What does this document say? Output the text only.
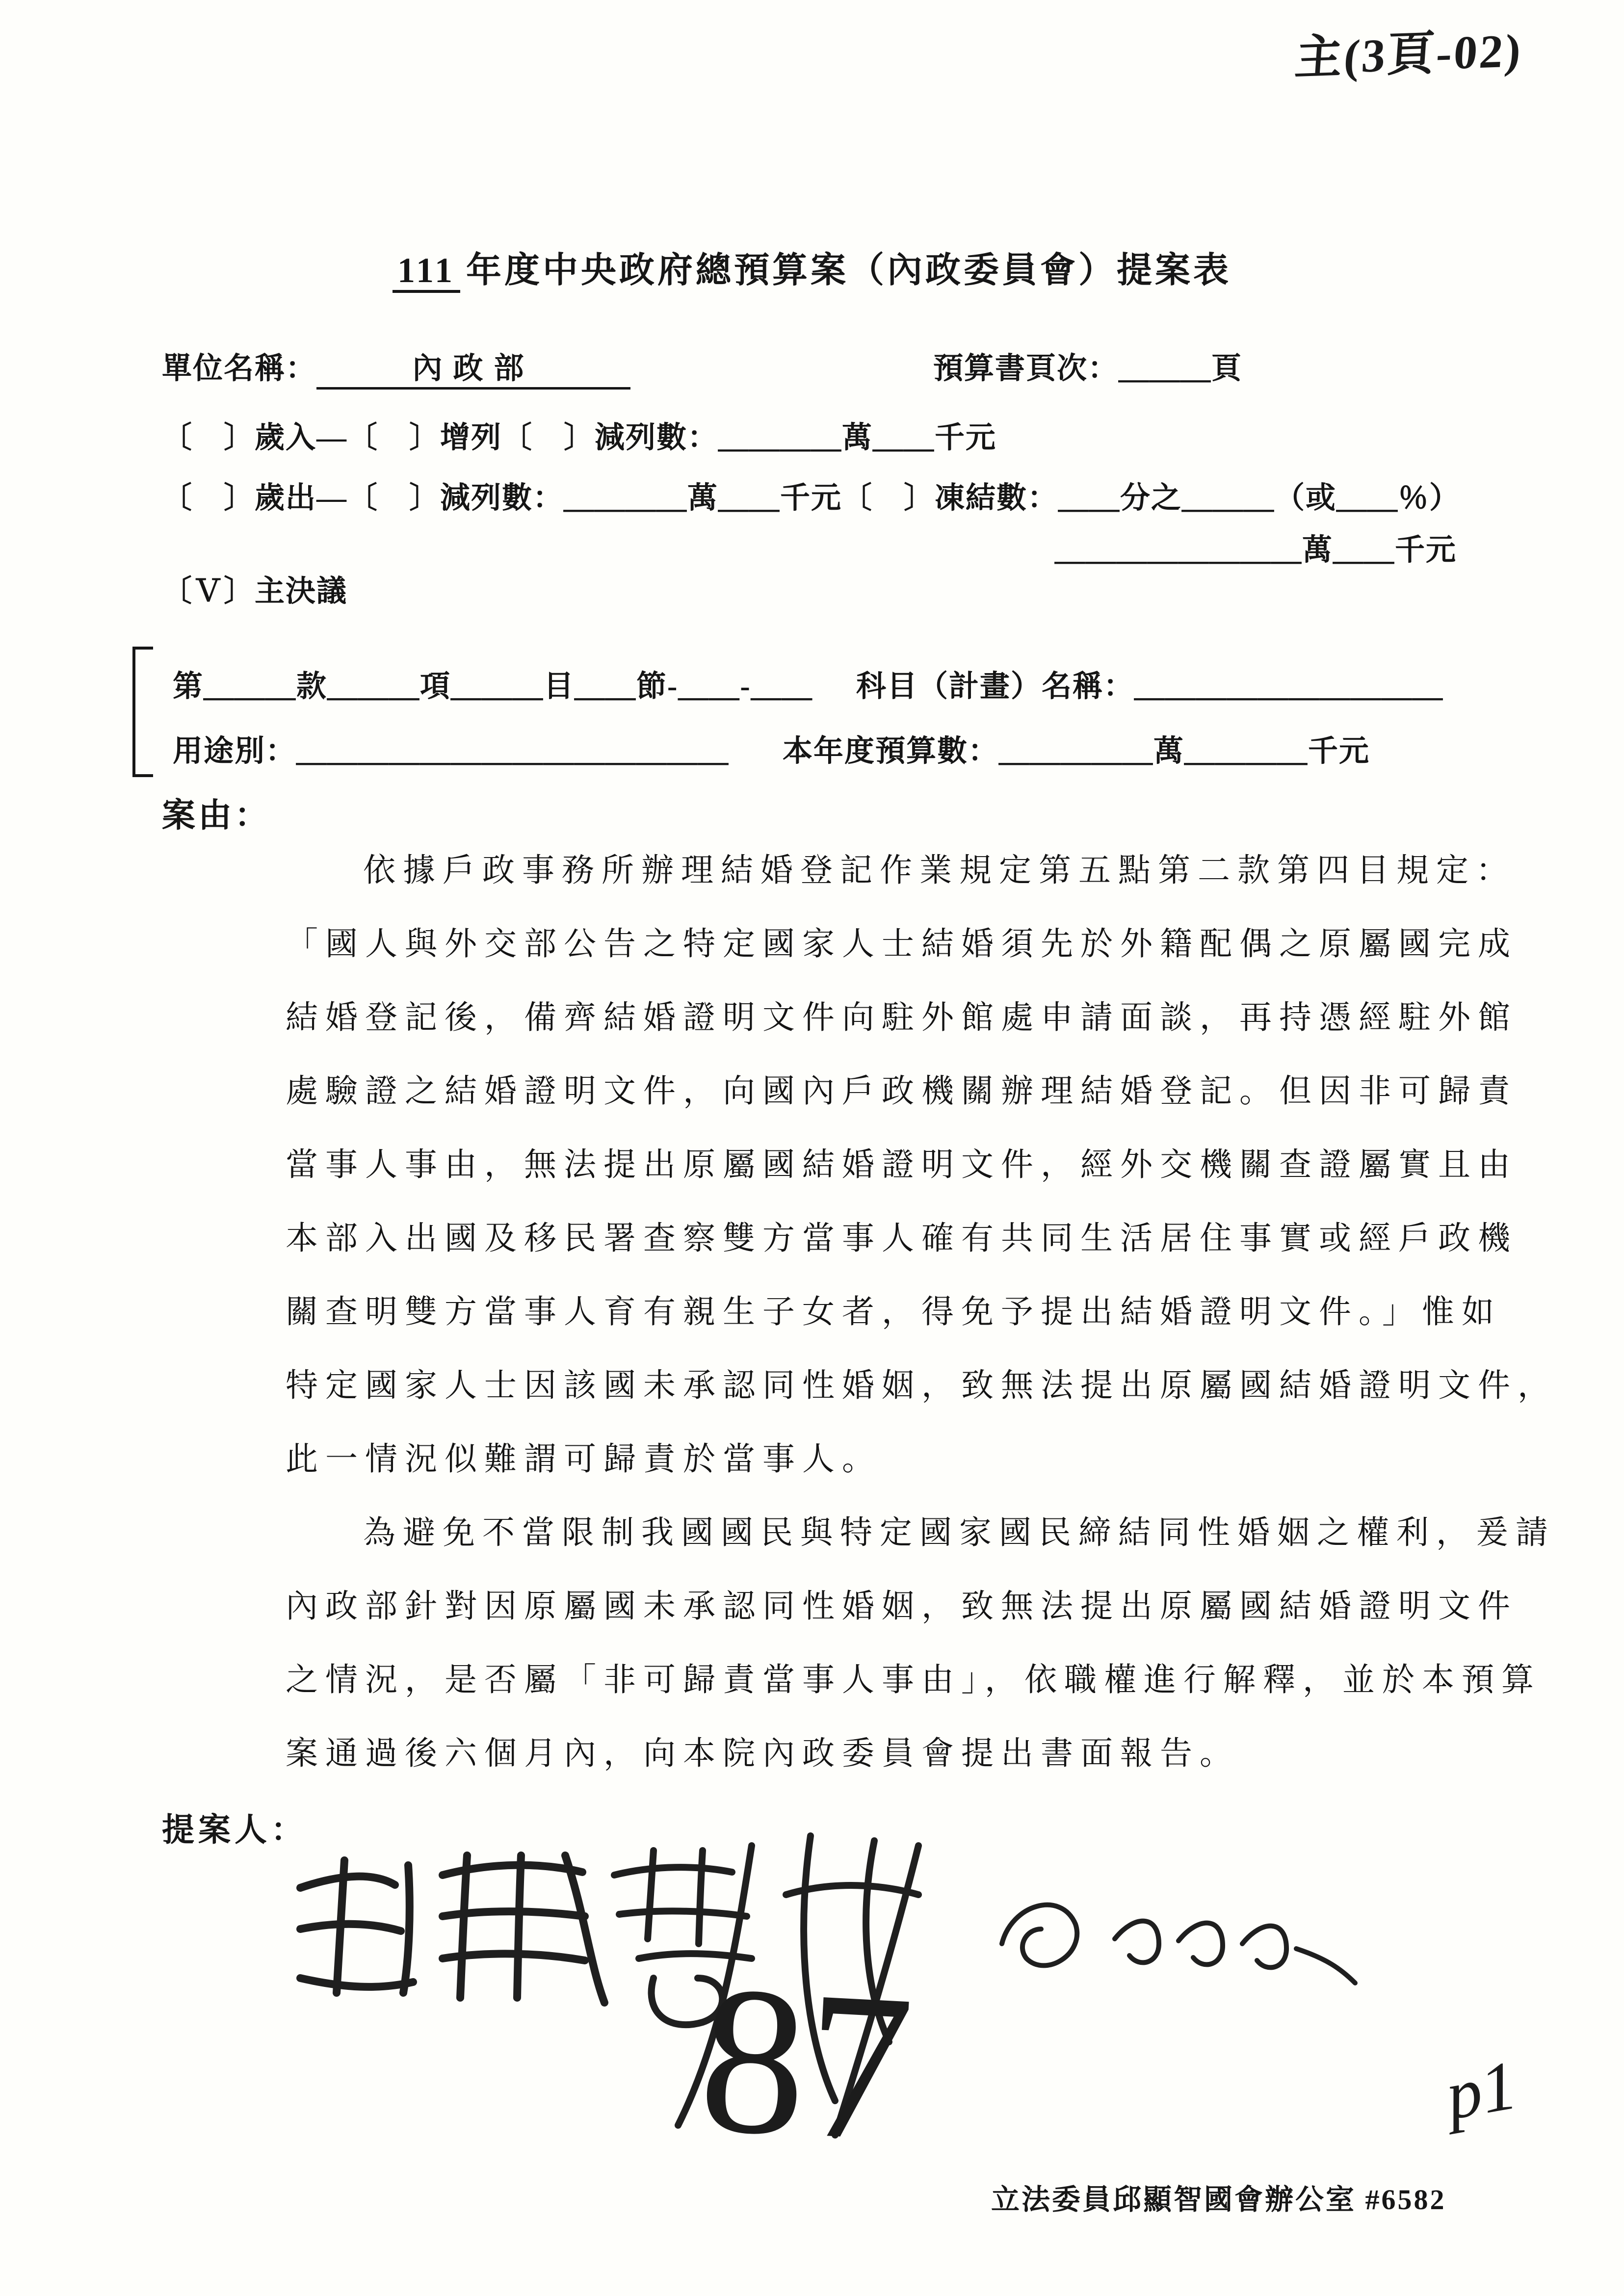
主(3頁-02)
111 年度中央政府總預算案（內政委員會）提案表
單位名稱：	內政部	預算書頁次：＿＿＿頁
〔　〕歲入—〔　〕增列〔　〕減列數：＿＿＿＿萬＿＿千元
〔　〕歲出—〔　〕減列數：＿＿＿＿萬＿＿千元〔　〕凍結數：＿＿分之＿＿＿（或＿＿％）
＿＿＿＿＿＿＿＿萬＿＿千元
〔Ｖ〕主決議
第＿＿＿款＿＿＿項＿＿＿目＿＿節-＿＿-＿＿ 科目（計畫）名稱：＿＿＿＿＿＿＿＿＿＿
用途別：＿＿＿＿＿＿＿＿＿＿＿＿＿＿ 本年度預算數：＿＿＿＿＿萬＿＿＿＿千元
案由：
依據戶政事務所辦理結婚登記作業規定第五點第二款第四目規定：
「國人與外交部公告之特定國家人士結婚須先於外籍配偶之原屬國完成
結婚登記後，備齊結婚證明文件向駐外館處申請面談，再持憑經駐外館
處驗證之結婚證明文件，向國內戶政機關辦理結婚登記。但因非可歸責
當事人事由，無法提出原屬國結婚證明文件，經外交機關查證屬實且由
本部入出國及移民署查察雙方當事人確有共同生活居住事實或經戶政機
關查明雙方當事人育有親生子女者，得免予提出結婚證明文件。」惟如
特定國家人士因該國未承認同性婚姻，致無法提出原屬國結婚證明文件，
此一情況似難謂可歸責於當事人。
為避免不當限制我國國民與特定國家國民締結同性婚姻之權利，爰請
內政部針對因原屬國未承認同性婚姻，致無法提出原屬國結婚證明文件
之情況，是否屬「非可歸責當事人事由」，依職權進行解釋，並於本預算
案通過後六個月內，向本院內政委員會提出書面報告。
提案人：
87	p1
立法委員邱顯智國會辦公室 #6582
